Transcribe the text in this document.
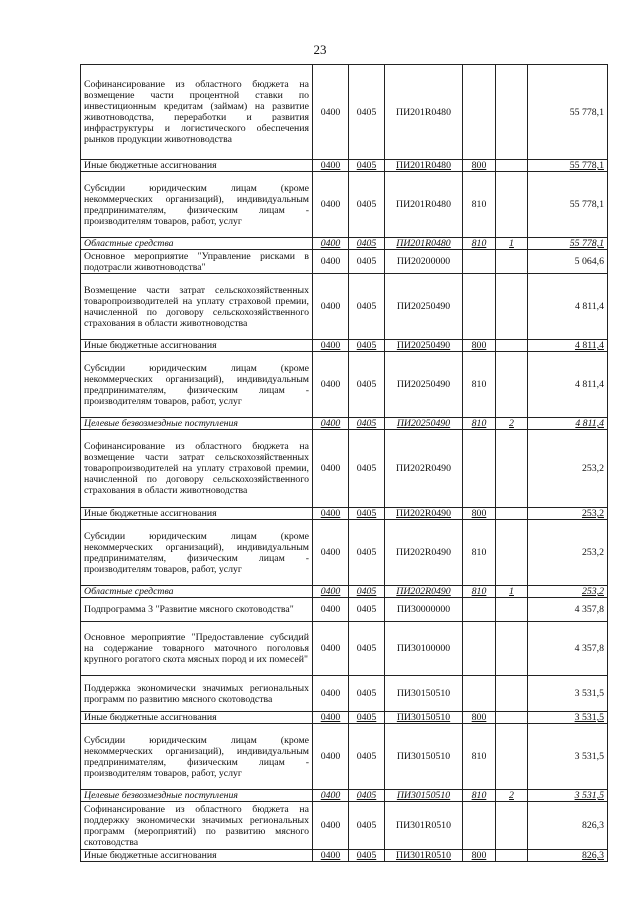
23
Софинансирование из областного бюджета на возмещение части процентной ставки по инвестиционным кредитам (займам) на развитие животноводства, переработки и развития инфраструктуры и логистического обеспечения рынков продукции животноводства	0400	0405	ПИ201R0480			55 778,1
Иные бюджетные ассигнования	0400	0405	ПИ201R0480	800		55 778,1
Субсидии юридическим лицам (кроме некоммерческих организаций), индивидуальным предпринимателям, физическим лицам - производителям товаров, работ, услуг	0400	0405	ПИ201R0480	810		55 778,1
Областные средства	0400	0405	ПИ201R0480	810	1	55 778,1
Основное мероприятие "Управление рисками в подотрасли животноводства"	0400	0405	ПИ20200000			5 064,6
Возмещение части затрат сельскохозяйственных товаропроизводителей на уплату страховой премии, начисленной по договору сельскохозяйственного страхования в области животноводства	0400	0405	ПИ20250490			4 811,4
Иные бюджетные ассигнования	0400	0405	ПИ20250490	800		4 811,4
Субсидии юридическим лицам (кроме некоммерческих организаций), индивидуальным предпринимателям, физическим лицам - производителям товаров, работ, услуг	0400	0405	ПИ20250490	810		4 811,4
Целевые безвозмездные поступления	0400	0405	ПИ20250490	810	2	4 811,4
Софинансирование из областного бюджета на возмещение части затрат сельскохозяйственных товаропроизводителей на уплату страховой премии, начисленной по договору сельскохозяйственного страхования в области животноводства	0400	0405	ПИ202R0490			253,2
Иные бюджетные ассигнования	0400	0405	ПИ202R0490	800		253,2
Субсидии юридическим лицам (кроме некоммерческих организаций), индивидуальным предпринимателям, физическим лицам - производителям товаров, работ, услуг	0400	0405	ПИ202R0490	810		253,2
Областные средства	0400	0405	ПИ202R0490	810	1	253,2
Подпрограмма 3 "Развитие мясного скотоводства"	0400	0405	ПИ30000000			4 357,8
Основное мероприятие "Предоставление субсидий на содержание товарного маточного поголовья крупного рогатого скота мясных пород и их помесей"	0400	0405	ПИ30100000			4 357,8
Поддержка экономически значимых региональных программ по развитию мясного скотоводства	0400	0405	ПИ30150510			3 531,5
Иные бюджетные ассигнования	0400	0405	ПИ30150510	800		3 531,5
Субсидии юридическим лицам (кроме некоммерческих организаций), индивидуальным предпринимателям, физическим лицам - производителям товаров, работ, услуг	0400	0405	ПИ30150510	810		3 531,5
Целевые безвозмездные поступления	0400	0405	ПИ30150510	810	2	3 531,5
Софинансирование из областного бюджета на поддержку экономически значимых региональных программ (мероприятий) по развитию мясного скотоводства	0400	0405	ПИ301R0510			826,3
Иные бюджетные ассигнования	0400	0405	ПИ301R0510	800		826,3
